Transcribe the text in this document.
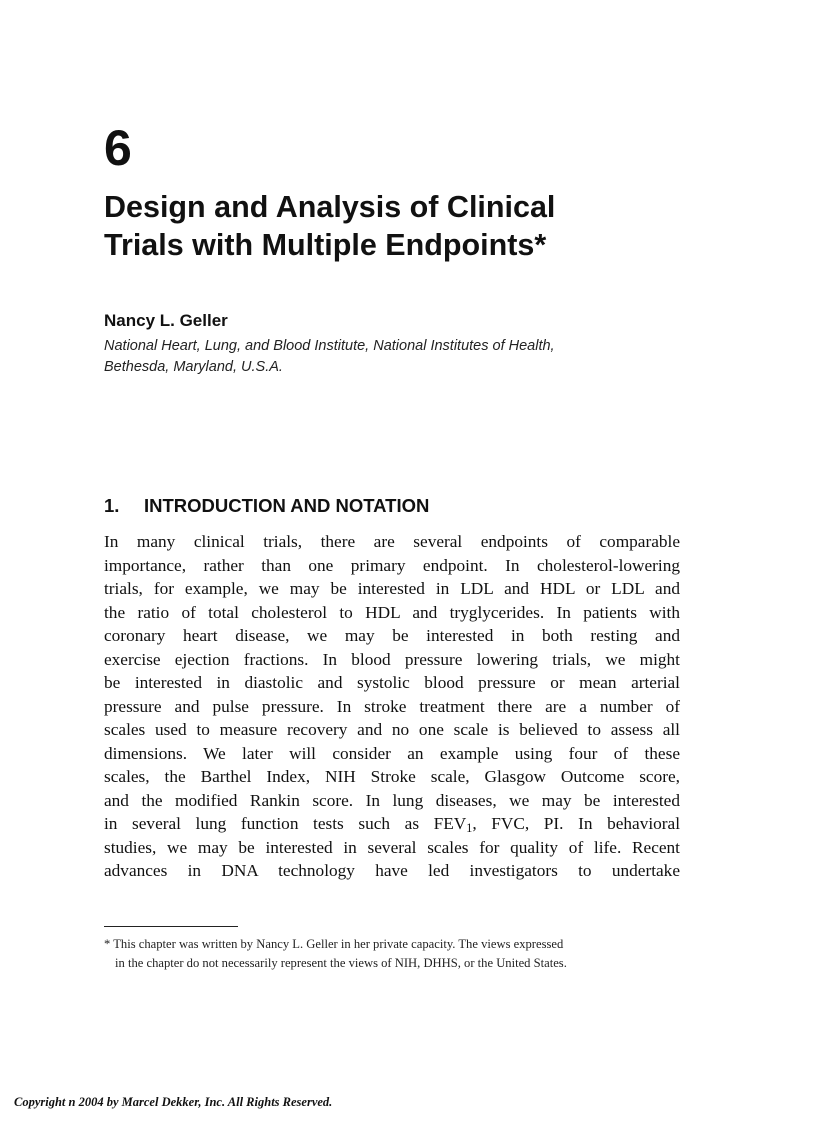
6
Design and Analysis of Clinical
Trials with Multiple Endpoints*

Nancy L. Geller

National Heart, Lung, and Blood Institute, National Institutes of Health,
Bethesda, Maryland, U.S.A.

1. INTRODUCTION AND NOTATION
In many clinical trials, there are several endpoints of comparable
importance, rather than one primary endpoint. In cholesterol-lowering
trials, for example, we may be interested in LDL and HDL or LDL and
the ratio of total cholesterol to HDL and tryglycerides. In patients with
coronary heart disease, we may be interested in both resting and
exercise ejection fractions. In blood pressure lowering trials, we might
be interested in diastolic and systolic blood pressure or mean arterial
pressure and pulse pressure. In stroke treatment there are a number of
scales used to measure recovery and no one scale is believed to assess all
dimensions. We later will consider an example using four of these
scales, the Barthel Index, NIH Stroke scale, Glasgow Outcome score,
and the modified Rankin score. In lung diseases, we may be interested
in several lung function tests such as $FEV_1$, FVC, PI. In behavioral
studies, we may be interested in several scales for quality of life. Recent
advances in DNA technology have led investigators to undertake
* This chapter was written by Nancy L. Geller in her private capacity. The views expressed
in the chapter do not necessarily represent the views of NIH, DHHS, or the United States.

Copyright n 2004 by Marcel Dekker, Inc. All Rights Reserved.
